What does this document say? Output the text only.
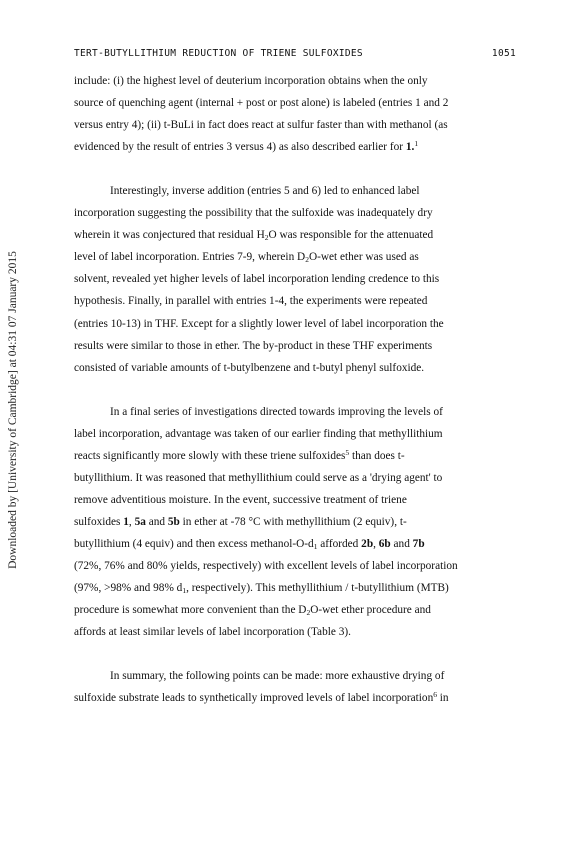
TERT-BUTYLLITHIUM REDUCTION OF TRIENE SULFOXIDES	1051
Downloaded by [University of Cambridge] at 04:31 07 January 2015
include: (i) the highest level of deuterium incorporation obtains when the only
source of quenching agent (internal + post or post alone) is labeled (entries 1 and 2
versus entry 4); (ii) t-BuLi in fact does react at sulfur faster than with methanol (as
evidenced by the result of entries 3 versus 4) as also described earlier for 1.$^1$
Interestingly, inverse addition (entries 5 and 6) led to enhanced label
incorporation suggesting the possibility that the sulfoxide was inadequately dry
wherein it was conjectured that residual $H_2O$ was responsible for the attenuated
level of label incorporation. Entries 7-9, wherein $D_2O$-wet ether was used as
solvent, revealed yet higher levels of label incorporation lending credence to this
hypothesis. Finally, in parallel with entries 1-4, the experiments were repeated
(entries 10-13) in THF. Except for a slightly lower level of label incorporation the
results were similar to those in ether. The by-product in these THF experiments
consisted of variable amounts of t-butylbenzene and t-butyl phenyl sulfoxide.
In a final series of investigations directed towards improving the levels of
label incorporation, advantage was taken of our earlier finding that methyllithium
reacts significantly more slowly with these triene sulfoxides$^5$ than does t-
butyllithium. It was reasoned that methyllithium could serve as a 'drying agent' to
remove adventitious moisture. In the event, successive treatment of triene
sulfoxides 1, 5a and 5b in ether at -78 °C with methyllithium (2 equiv), t-
butyllithium (4 equiv) and then excess methanol-$O-d_1$ afforded 2b, 6b and 7b
(72%, 76% and 80% yields, respectively) with excellent levels of label incorporation
(97%, >98% and 98% $d_1$, respectively). This methyllithium / t-butyllithium (MTB)
procedure is somewhat more convenient than the $D_2O$-wet ether procedure and
affords at least similar levels of label incorporation (Table 3).
In summary, the following points can be made: more exhaustive drying of
sulfoxide substrate leads to synthetically improved levels of label incorporation$^6$ in
